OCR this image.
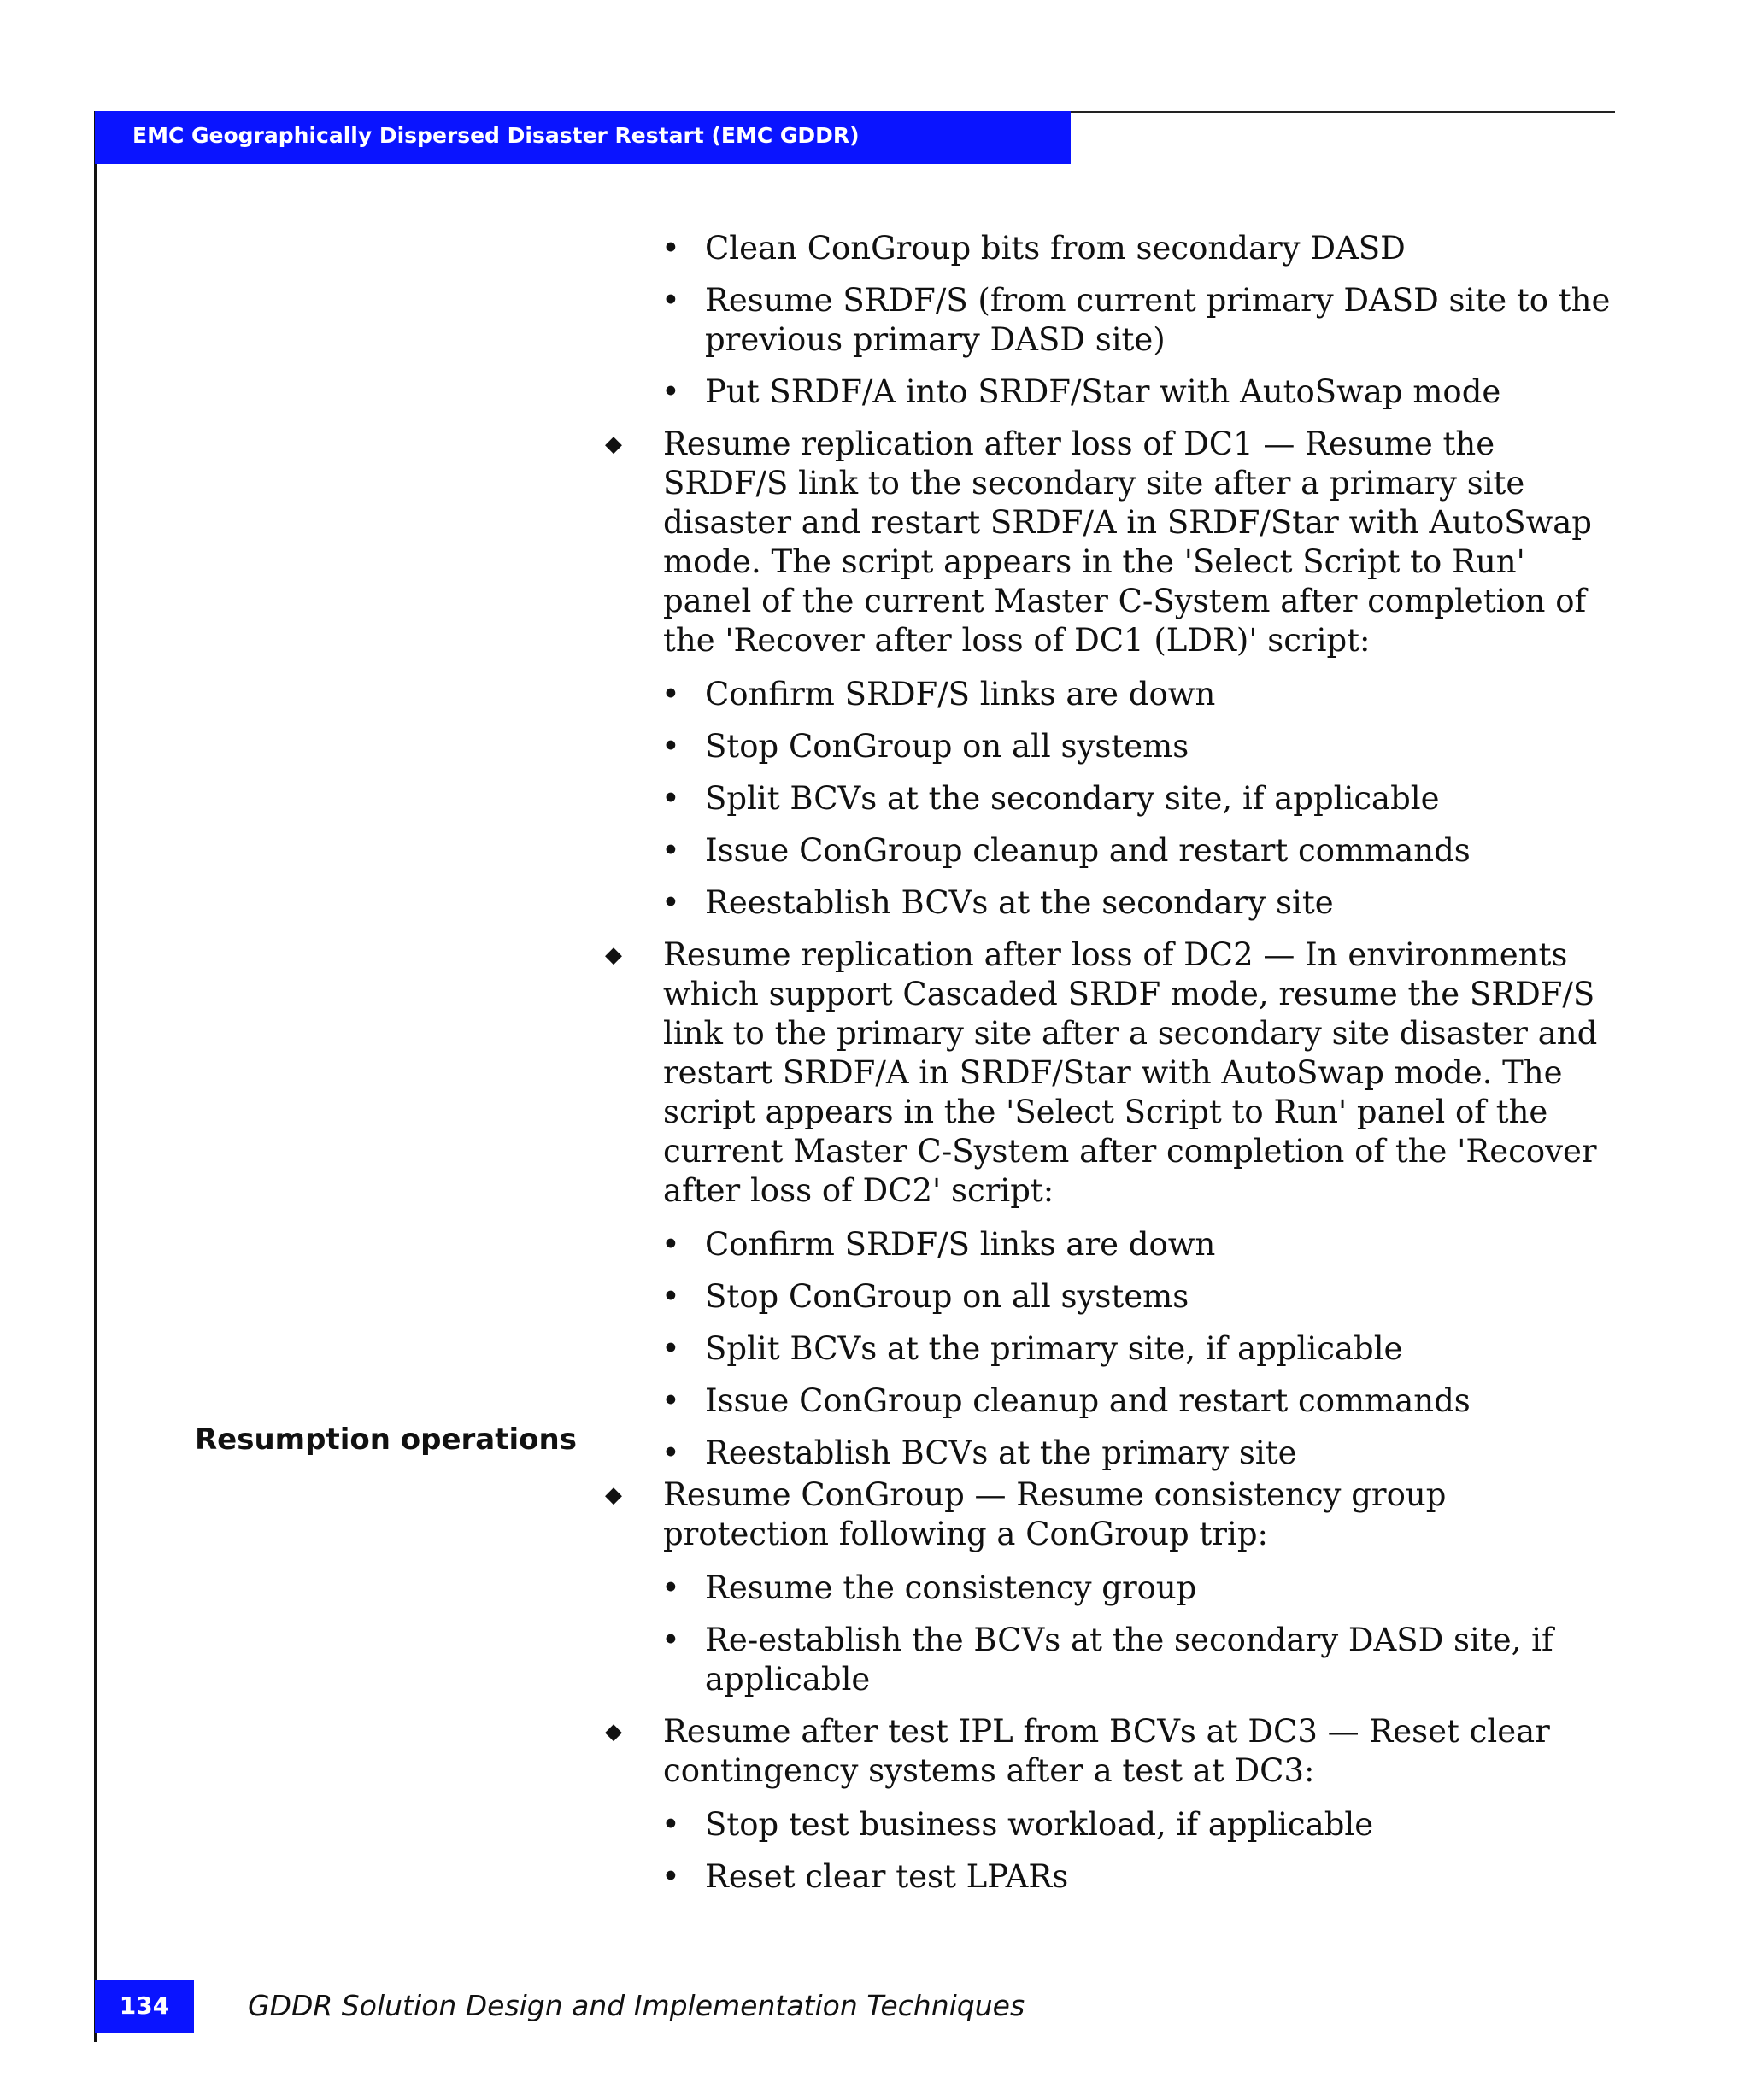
EMC Geographically Dispersed Disaster Restart (EMC GDDR)
• Clean ConGroup bits from secondary DASD
• Resume SRDF/S (from current primary DASD site to the previous primary DASD site)
• Put SRDF/A into SRDF/Star with AutoSwap mode

◆ Resume replication after loss of DC1 — Resume the SRDF/S link to the secondary site after a primary site disaster and restart SRDF/A in SRDF/Star with AutoSwap mode. The script appears in the 'Select Script to Run' panel of the current Master C-System after completion of the 'Recover after loss of DC1 (LDR)' script:

• Confirm SRDF/S links are down
• Stop ConGroup on all systems
• Split BCVs at the secondary site, if applicable
• Issue ConGroup cleanup and restart commands
• Reestablish BCVs at the secondary site

◆ Resume replication after loss of DC2 — In environments which support Cascaded SRDF mode, resume the SRDF/S link to the primary site after a secondary site disaster and restart SRDF/A in SRDF/Star with AutoSwap mode. The script appears in the 'Select Script to Run' panel of the current Master C-System after completion of the 'Recover after loss of DC2' script:

• Confirm SRDF/S links are down
• Stop ConGroup on all systems
• Split BCVs at the primary site, if applicable
• Issue ConGroup cleanup and restart commands
• Reestablish BCVs at the primary site
Resumption operations

◆ Resume ConGroup — Resume consistency group protection following a ConGroup trip:

• Resume the consistency group
• Re-establish the BCVs at the secondary DASD site, if applicable

◆ Resume after test IPL from BCVs at DC3 — Reset clear contingency systems after a test at DC3:

• Stop test business workload, if applicable
• Reset clear test LPARs
134	GDDR Solution Design and Implementation Techniques
